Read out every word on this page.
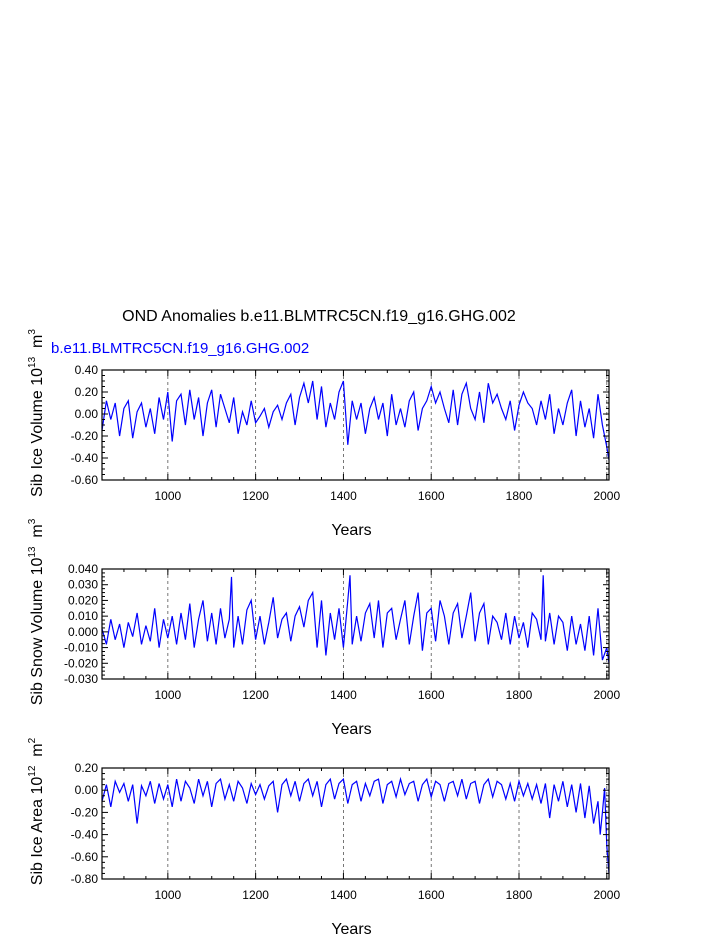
OND Anomalies b.e11.BLMTRC5CN.f19_g16.GHG.002
-0.60
-0.40
-0.20
0.00
0.20
0.40
1000	1200	1400	1600	1800	2000
Years
Sib Ice Volume $10^{13}$  $m^3$
b.e11.BLMTRC5CN.f19_g16.GHG.002
-0.030
-0.020
-0.010
0.000
0.010
0.020
0.030
0.040
1000	1200	1400	1600	1800	2000
Years
Sib Snow Volume $10^{13}$  $m^3$
-0.80
-0.60
-0.40
-0.20
0.00
0.20
1000	1200	1400	1600	1800	2000
Years
Sib Ice Area $10^{12}$  $m^2$
